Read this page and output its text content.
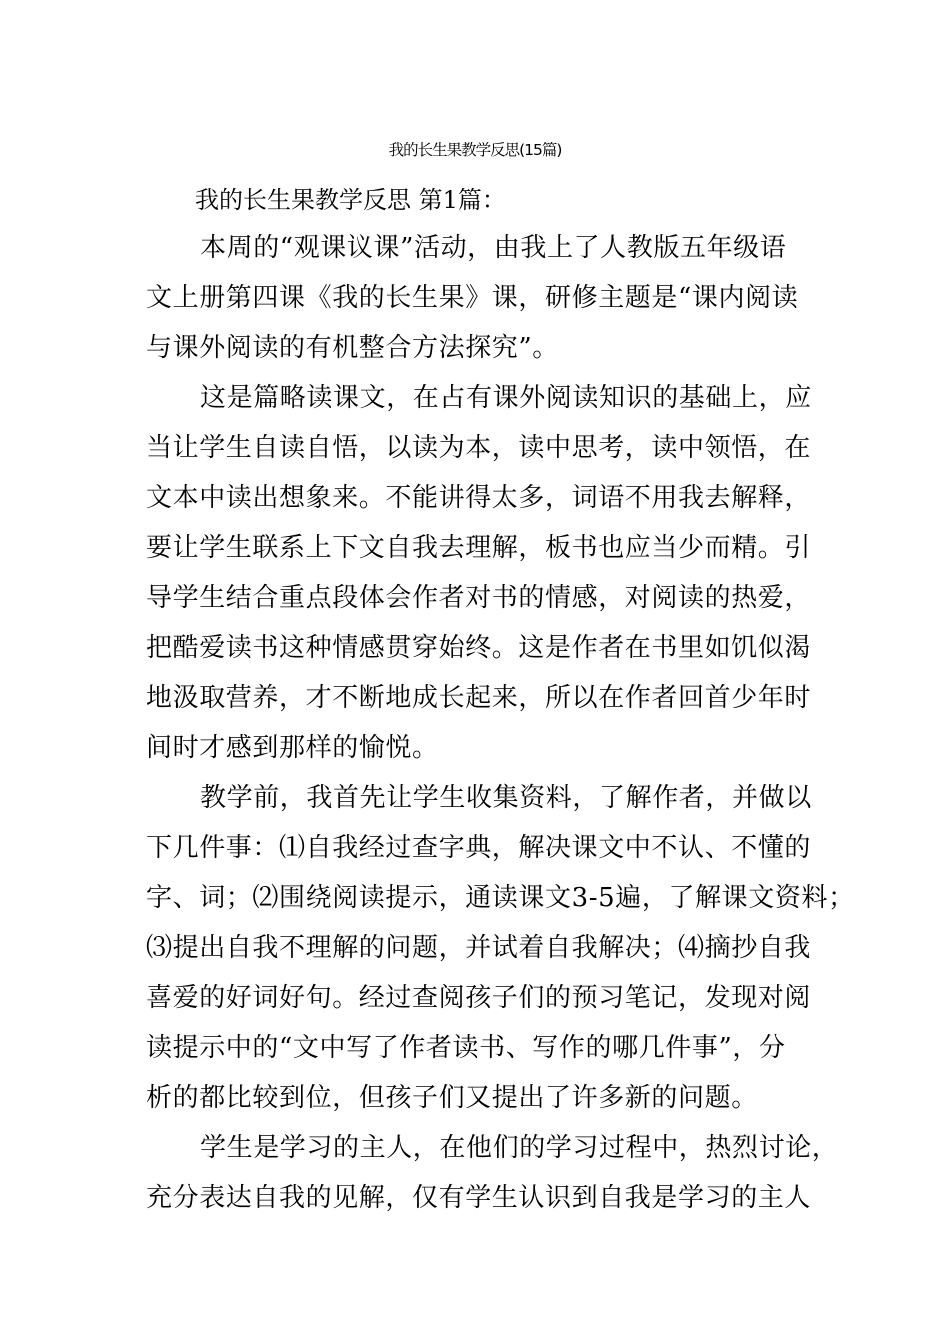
我的长生果教学反思(15篇)
我的长生果教学反思 第1篇：
本周的“观课议课”活动，由我上了人教版五年级语
文上册第四课《我的长生果》课，研修主题是“课内阅读
与课外阅读的有机整合方法探究”。
这是篇略读课文，在占有课外阅读知识的基础上，应
当让学生自读自悟，以读为本，读中思考，读中领悟，在
文本中读出想象来。不能讲得太多，词语不用我去解释，
要让学生联系上下文自我去理解，板书也应当少而精。引
导学生结合重点段体会作者对书的情感，对阅读的热爱，
把酷爱读书这种情感贯穿始终。这是作者在书里如饥似渴
地汲取营养，才不断地成长起来，所以在作者回首少年时
间时才感到那样的愉悦。
教学前，我首先让学生收集资料，了解作者，并做以
下几件事：⑴自我经过查字典，解决课文中不认、不懂的
字、词；⑵围绕阅读提示，通读课文3-5遍，了解课文资料；
⑶提出自我不理解的问题，并试着自我解决；⑷摘抄自我
喜爱的好词好句。经过查阅孩子们的预习笔记，发现对阅
读提示中的“文中写了作者读书、写作的哪几件事”，分
析的都比较到位，但孩子们又提出了许多新的问题。
学生是学习的主人，在他们的学习过程中，热烈讨论，
充分表达自我的见解，仅有学生认识到自我是学习的主人
